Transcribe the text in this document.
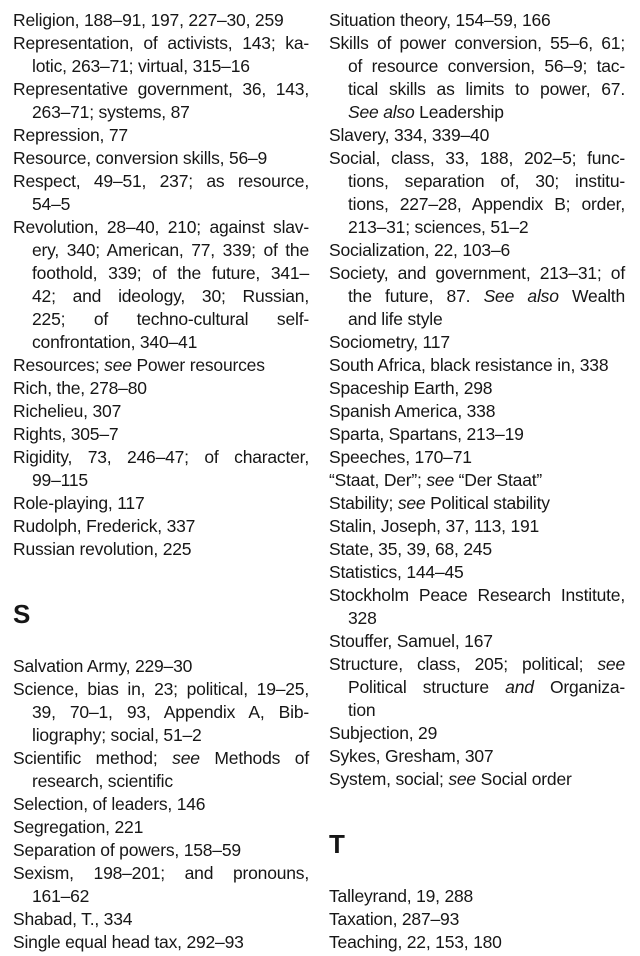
Religion, 188–91, 197, 227–30, 259
Representation, of activists, 143; ka-
lotic, 263–71; virtual, 315–16
Representative government, 36, 143,
263–71; systems, 87
Repression, 77
Resource, conversion skills, 56–9
Respect, 49–51, 237; as resource,
54–5
Revolution, 28–40, 210; against slav-
ery, 340; American, 77, 339; of the
foothold, 339; of the future, 341–
42; and ideology, 30; Russian,
225; of techno-cultural self-
confrontation, 340–41
Resources; see Power resources
Rich, the, 278–80
Richelieu, 307
Rights, 305–7
Rigidity, 73, 246–47; of character,
99–115
Role-playing, 117
Rudolph, Frederick, 337
Russian revolution, 225
S
Salvation Army, 229–30
Science, bias in, 23; political, 19–25,
39, 70–1, 93, Appendix A, Bib-
liography; social, 51–2
Scientific method; see Methods of
research, scientific
Selection, of leaders, 146
Segregation, 221
Separation of powers, 158–59
Sexism, 198–201; and pronouns,
161–62
Shabad, T., 334
Single equal head tax, 292–93
Situation theory, 154–59, 166
Skills of power conversion, 55–6, 61;
of resource conversion, 56–9; tac-
tical skills as limits to power, 67.
See also Leadership
Slavery, 334, 339–40
Social, class, 33, 188, 202–5; func-
tions, separation of, 30; institu-
tions, 227–28, Appendix B; order,
213–31; sciences, 51–2
Socialization, 22, 103–6
Society, and government, 213–31; of
the future, 87. See also Wealth
and life style
Sociometry, 117
South Africa, black resistance in, 338
Spaceship Earth, 298
Spanish America, 338
Sparta, Spartans, 213–19
Speeches, 170–71
“Staat, Der”; see “Der Staat”
Stability; see Political stability
Stalin, Joseph, 37, 113, 191
State, 35, 39, 68, 245
Statistics, 144–45
Stockholm Peace Research Institute,
328
Stouffer, Samuel, 167
Structure, class, 205; political; see
Political structure and Organiza-
tion
Subjection, 29
Sykes, Gresham, 307
System, social; see Social order
T
Talleyrand, 19, 288
Taxation, 287–93
Teaching, 22, 153, 180
